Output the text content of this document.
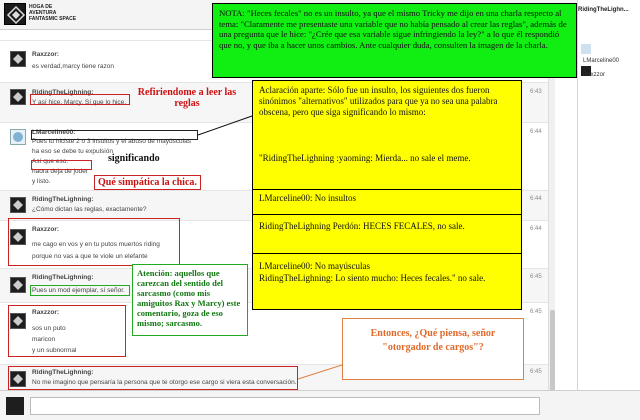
HOGA DE
AVENTURA
FANTASMIC SPACE
Raxzzor:
es verdad,marcy tiene razon
RidingTheLighning:
Y así hice, Marcy. Sí que lo hice.
6:43
LMarceline00:
Pues tu hiciste 2 o 3 insultos y el abuso de mayúsculas
ha eso se debe tu expulsión
Así que eso.
haora deja de joder
y listo.
6:44
RidingTheLighning:
¿Cómo dictan las reglas, exactamente?
6:44
Raxzzor:
me cago en vos y en tu putos muertos riding
porque no vas a que te viole un elefante
6:44
RidingTheLighning:
Pues un mod ejemplar, sí señor.
6:45
Raxzzor:
sos un puto
maricon
y un subnormal
6:45
RidingTheLighning:
No me imagino que pensaría la persona que te otorgo ese cargo si viera esta conversación.
6:45
Refiriendome a leer las reglas
significando
Qué simpática la chica.
Atención: aquellos que carezcan del sentido del sarcasmo (como mis amiguitos Rax y Marcy) este comentario, goza de eso mismo; sarcasmo.
NOTA: "Heces fecales" no es un insulto, ya que el mismo Tricky me dijo en una charla respecto al tema: "Claramente me presentaste una variable que no había pensado al crear las reglas", además de una pregunta que le hice: "¿Crée que esa variable sigue infringiendo la ley?" a lo que él respondió que no, y que iba a hacer unos cambios. Ante cualquier duda, consulten la imagen de la charla.
Aclaración aparte: Sólo fue un insulto, los siguientes dos fueron sinónimos "alternativos" utilizados para que ya no sea una palabra obscena, pero que siga significando lo mismo:
"RidingTheLighning :yaoming: Mierda... no sale el meme.
LMarceline00: No insultos
RidingTheLighning Perdón: HECES FECALES, no sale.
LMarceline00: No mayúsculas
RidingTheLighning: Lo siento mucho: Heces fecales." no sale.
Entonces, ¿Qué piensa, señor "otorgador de cargos"?
RidingTheLighn...
LMarceline00
Raxzzor
